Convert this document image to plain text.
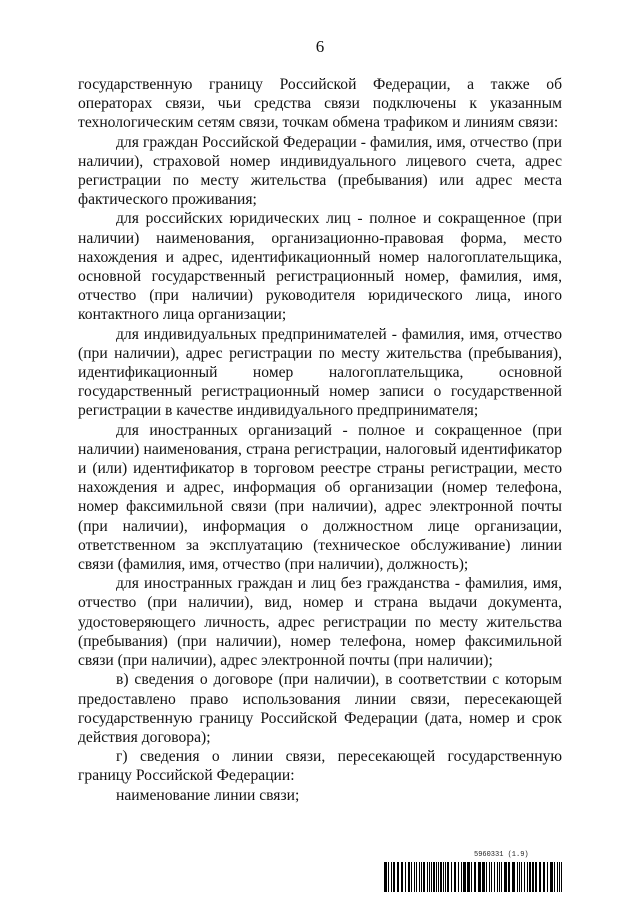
6

государственную границу Российской Федерации, а также об операторах связи, чьи средства связи подключены к указанным технологическим сетям связи, точкам обмена трафиком и линиям связи:

для граждан Российской Федерации - фамилия, имя, отчество (при наличии), страховой номер индивидуального лицевого счета, адрес регистрации по месту жительства (пребывания) или адрес места фактического проживания;

для российских юридических лиц - полное и сокращенное (при наличии) наименования, организационно-правовая форма, место нахождения и адрес, идентификационный номер налогоплательщика, основной государственный регистрационный номер, фамилия, имя, отчество (при наличии) руководителя юридического лица, иного контактного лица организации;

для индивидуальных предпринимателей - фамилия, имя, отчество (при наличии), адрес регистрации по месту жительства (пребывания), идентификационный номер налогоплательщика, основной государственный регистрационный номер записи о государственной регистрации в качестве индивидуального предпринимателя;

для иностранных организаций - полное и сокращенное (при наличии) наименования, страна регистрации, налоговый идентификатор и (или) идентификатор в торговом реестре страны регистрации, место нахождения и адрес, информация об организации (номер телефона, номер факсимильной связи (при наличии), адрес электронной почты (при наличии), информация о должностном лице организации, ответственном за эксплуатацию (техническое обслуживание) линии связи (фамилия, имя, отчество (при наличии), должность);

для иностранных граждан и лиц без гражданства - фамилия, имя, отчество (при наличии), вид, номер и страна выдачи документа, удостоверяющего личность, адрес регистрации по месту жительства (пребывания) (при наличии), номер телефона, номер факсимильной связи (при наличии), адрес электронной почты (при наличии);

в) сведения о договоре (при наличии), в соответствии с которым предоставлено право использования линии связи, пересекающей государственную границу Российской Федерации (дата, номер и срок действия договора);

г) сведения о линии связи, пересекающей государственную границу Российской Федерации:

наименование линии связи;

5960331 (1.9)
